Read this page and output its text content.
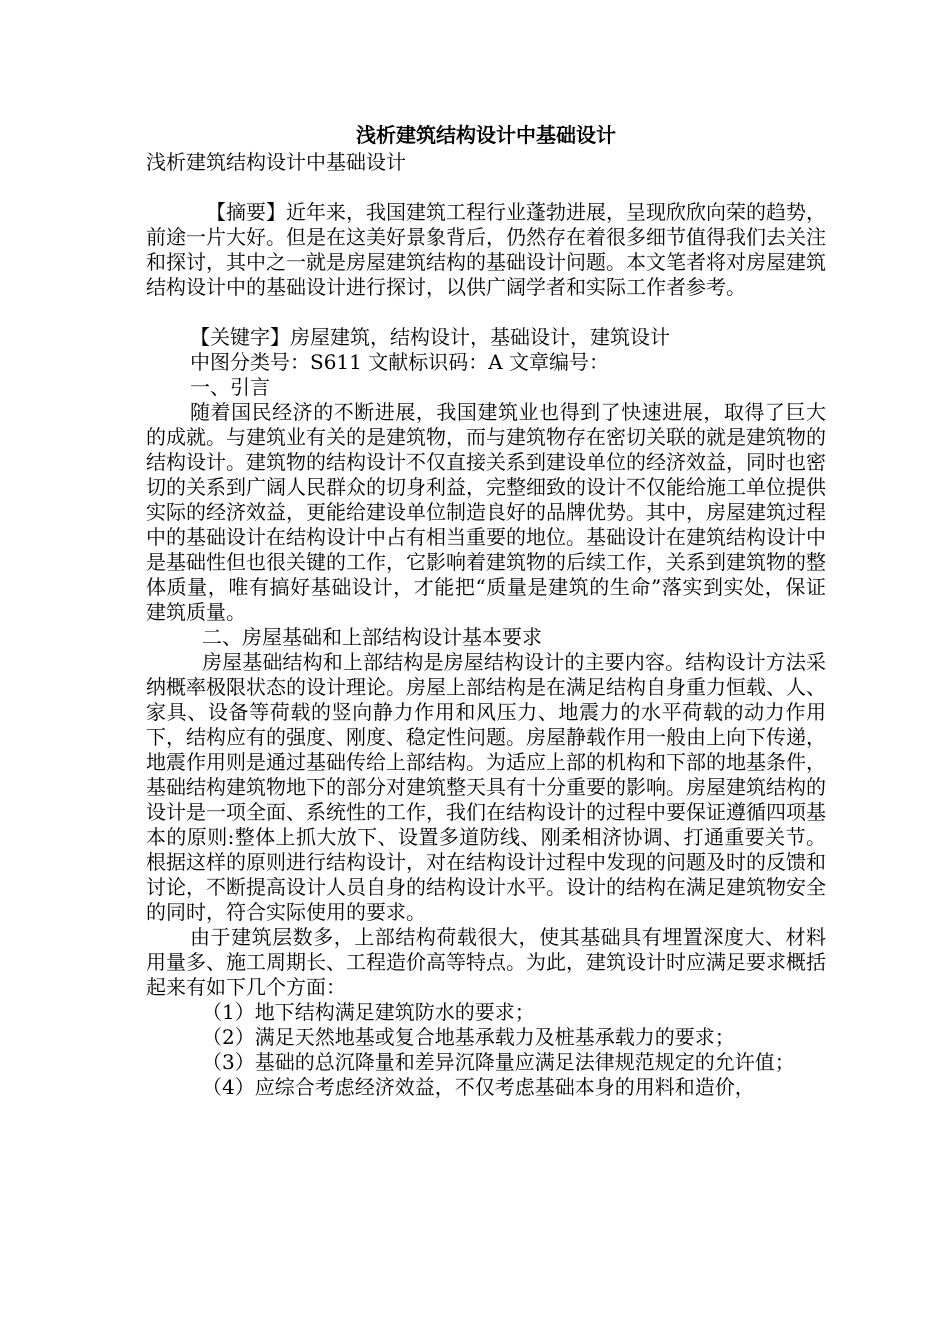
浅析建筑结构设计中基础设计

浅析建筑结构设计中基础设计

【摘要】近年来，我国建筑工程行业蓬勃进展，呈现欣欣向荣的趋势，前途一片大好。但是在这美好景象背后，仍然存在着很多细节值得我们去关注和探讨，其中之一就是房屋建筑结构的基础设计问题。本文笔者将对房屋建筑结构设计中的基础设计进行探讨，以供广阔学者和实际工作者参考。

【关键字】房屋建筑，结构设计，基础设计，建筑设计

中图分类号：S611 文献标识码：A 文章编号：

一、引言

随着国民经济的不断进展，我国建筑业也得到了快速进展，取得了巨大的成就。与建筑业有关的是建筑物，而与建筑物存在密切关联的就是建筑物的结构设计。建筑物的结构设计不仅直接关系到建设单位的经济效益，同时也密切的关系到广阔人民群众的切身利益，完整细致的设计不仅能给施工单位提供实际的经济效益，更能给建设单位制造良好的品牌优势。其中，房屋建筑过程中的基础设计在结构设计中占有相当重要的地位。基础设计在建筑结构设计中是基础性但也很关键的工作，它影响着建筑物的后续工作，关系到建筑物的整体质量，唯有搞好基础设计，才能把“质量是建筑的生命”落实到实处，保证建筑质量。

二、房屋基础和上部结构设计基本要求

房屋基础结构和上部结构是房屋结构设计的主要内容。结构设计方法采纳概率极限状态的设计理论。房屋上部结构是在满足结构自身重力恒载、人、家具、设备等荷载的竖向静力作用和风压力、地震力的水平荷载的动力作用下，结构应有的强度、刚度、稳定性问题。房屋静载作用一般由上向下传递，地震作用则是通过基础传给上部结构。为适应上部的机构和下部的地基条件，基础结构建筑物地下的部分对建筑整天具有十分重要的影响。房屋建筑结构的设计是一项全面、系统性的工作，我们在结构设计的过程中要保证遵循四项基本的原则:整体上抓大放下、设置多道防线、刚柔相济协调、打通重要关节。根据这样的原则进行结构设计，对在结构设计过程中发现的问题及时的反馈和讨论，不断提高设计人员自身的结构设计水平。设计的结构在满足建筑物安全的同时，符合实际使用的要求。

由于建筑层数多，上部结构荷载很大，使其基础具有埋置深度大、材料用量多、施工周期长、工程造价高等特点。为此，建筑设计时应满足要求概括起来有如下几个方面：

（1）地下结构满足建筑防水的要求；

（2）满足天然地基或复合地基承载力及桩基承载力的要求；

（3）基础的总沉降量和差异沉降量应满足法律规范规定的允许值；

（4）应综合考虑经济效益，不仅考虑基础本身的用料和造价，
